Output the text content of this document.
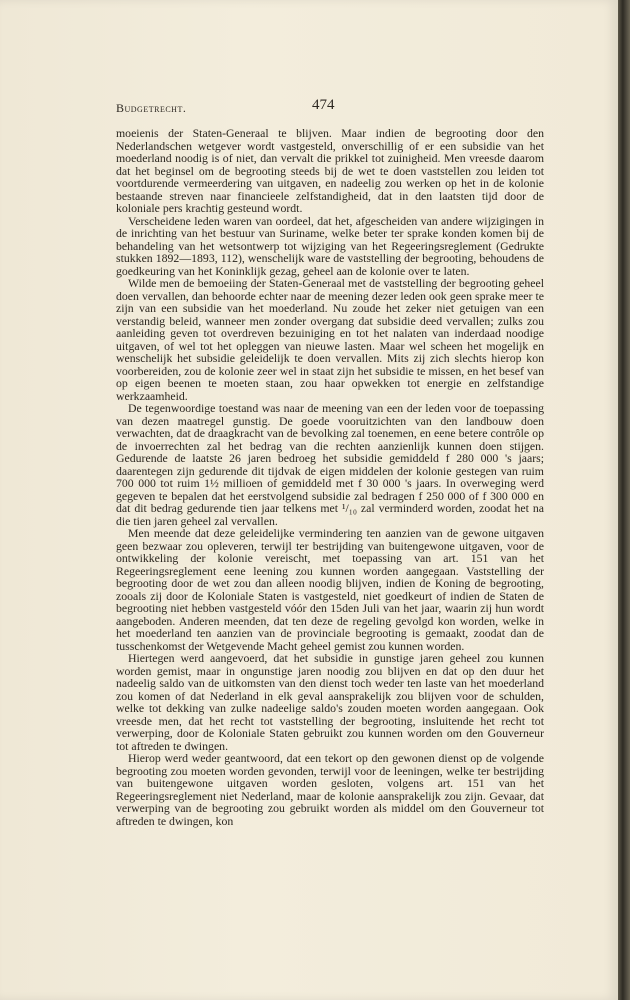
Budgetrecht.	474

moeienis der Staten-Generaal te blijven. Maar indien de begrooting door den Nederlandschen wetgever wordt vastgesteld, onverschillig of er een subsidie van het moederland noodig is of niet, dan vervalt die prikkel tot zuinigheid. Men vreesde daarom dat het beginsel om de begrooting steeds bij de wet te doen vaststellen zou leiden tot voortdurende vermeerdering van uitgaven, en nadeelig zou werken op het in de kolonie bestaande streven naar financieele zelfstandigheid, dat in den laatsten tijd door de koloniale pers krachtig gesteund wordt.

Verscheidene leden waren van oordeel, dat het, afgescheiden van andere wijzigingen in de inrichting van het bestuur van Suriname, welke beter ter sprake konden komen bij de behandeling van het wetsontwerp tot wijziging van het Regeeringsreglement (Gedrukte stukken 1892—1893, 112), wenschelijk ware de vaststelling der begrooting, behoudens de goedkeuring van het Koninklijk gezag, geheel aan de kolonie over te laten.

Wilde men de bemoeiing der Staten-Generaal met de vaststelling der begrooting geheel doen vervallen, dan behoorde echter naar de meening dezer leden ook geen sprake meer te zijn van een subsidie van het moederland. Nu zoude het zeker niet getuigen van een verstandig beleid, wanneer men zonder overgang dat subsidie deed vervallen; zulks zou aanleiding geven tot overdreven bezuiniging en tot het nalaten van inderdaad noodige uitgaven, of wel tot het opleggen van nieuwe lasten. Maar wel scheen het mogelijk en wenschelijk het subsidie geleidelijk te doen vervallen. Mits zij zich slechts hierop kon voorbereiden, zou de kolonie zeer wel in staat zijn het subsidie te missen, en het besef van op eigen beenen te moeten staan, zou haar opwekken tot energie en zelfstandige werkzaamheid.

De tegenwoordige toestand was naar de meening van een der leden voor de toepassing van dezen maatregel gunstig. De goede vooruitzichten van den landbouw doen verwachten, dat de draagkracht van de bevolking zal toenemen, en eene betere contrôle op de invoerrechten zal het bedrag van die rechten aanzienlijk kunnen doen stijgen. Gedurende de laatste 26 jaren bedroeg het subsidie gemiddeld f 280 000 's jaars; daarentegen zijn gedurende dit tijdvak de eigen middelen der kolonie gestegen van ruim 700 000 tot ruim 1½ millioen of gemiddeld met f 30 000 's jaars. In overweging werd gegeven te bepalen dat het eerstvolgend subsidie zal bedragen f 250 000 of f 300 000 en dat dit bedrag gedurende tien jaar telkens met ¹/₁₀ zal verminderd worden, zoodat het na die tien jaren geheel zal vervallen.

Men meende dat deze geleidelijke vermindering ten aanzien van de gewone uitgaven geen bezwaar zou opleveren, terwijl ter bestrijding van buitengewone uitgaven, voor de ontwikkeling der kolonie vereischt, met toepassing van art. 151 van het Regeeringsreglement eene leening zou kunnen worden aangegaan. Vaststelling der begrooting door de wet zou dan alleen noodig blijven, indien de Koning de begrooting, zooals zij door de Koloniale Staten is vastgesteld, niet goedkeurt of indien de Staten de begrooting niet hebben vastgesteld vóór den 15den Juli van het jaar, waarin zij hun wordt aangeboden. Anderen meenden, dat ten deze de regeling gevolgd kon worden, welke in het moederland ten aanzien van de provinciale begrooting is gemaakt, zoodat dan de tusschenkomst der Wetgevende Macht geheel gemist zou kunnen worden.

Hiertegen werd aangevoerd, dat het subsidie in gunstige jaren geheel zou kunnen worden gemist, maar in ongunstige jaren noodig zou blijven en dat op den duur het nadeelig saldo van de uitkomsten van den dienst toch weder ten laste van het moederland zou komen of dat Nederland in elk geval aansprakelijk zou blijven voor de schulden, welke tot dekking van zulke nadeelige saldo's zouden moeten worden aangegaan. Ook vreesde men, dat het recht tot vaststelling der begrooting, insluitende het recht tot verwerping, door de Koloniale Staten gebruikt zou kunnen worden om den Gouverneur tot aftreden te dwingen.

Hierop werd weder geantwoord, dat een tekort op den gewonen dienst op de volgende begrooting zou moeten worden gevonden, terwijl voor de leeningen, welke ter bestrijding van buitengewone uitgaven worden gesloten, volgens art. 151 van het Regeeringsreglement niet Nederland, maar de kolonie aansprakelijk zou zijn. Gevaar, dat verwerping van de begrooting zou gebruikt worden als middel om den Gouverneur tot aftreden te dwingen, kon
